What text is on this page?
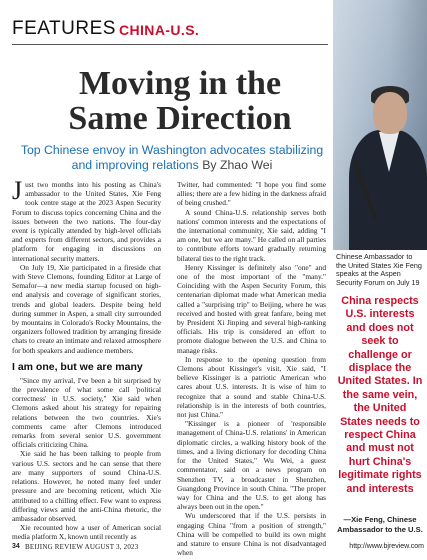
FEATURES CHINA-U.S.
Chinese Ambassador to the United States Xie Feng speaks at the Aspen Security Forum on July 19
China respects U.S. interests and does not seek to challenge or displace the United States. In the same vein, the United States needs to respect China and must not hurt China's legitimate rights and interests
—Xie Feng, Chinese Ambassador to the U.S.
Moving in the
Same Direction
Top Chinese envoy in Washington advocates stabilizing and improving relations By Zhao Wei

Just two months into his posting as China's ambassador to the United States, Xie Feng took centre stage at the 2023 Aspen Security Forum to discuss topics concerning China and the issues between the two nations. The four-day event is typically attended by high-level officials and experts from different sectors, and provides a platform for engaging in discussions on international security matters.

On July 19, Xie participated in a fireside chat with Steve Clemons, founding Editor at Large of Semafor—a new media startup focused on high-end analysis and coverage of significant stories, trends and global leaders. Despite being held during summer in Aspen, a small city surrounded by mountains in Colorado's Rocky Mountains, the organizers followed tradition by arranging fireside chats to create an intimate and relaxed atmosphere for both speakers and audience members.

I am one, but we are many

"Since my arrival, I've been a bit surprised by the prevalence of what some call 'political correctness' in U.S. society," Xie said when Clemons asked about his strategy for repairing relations between the two countries. Xie's comments came after Clemons introduced remarks from several senior U.S. government officials criticizing China.

Xie said he has been talking to people from various U.S. sectors and he can sense that there are many supporters of sound China-U.S. relations. However, he noted many feel under pressure and are becoming reticent, which Xie attributed to a chilling effect. Few want to express differing views amid the anti-China rhetoric, the ambassador observed.

Xie recounted how a user of American social media platform X, known until recently as

Twitter, had commented: "I hope you find some allies; there are a few hiding in the darkness afraid of being crushed."

A sound China-U.S. relationship serves both nations' common interests and the expectations of the international community, Xie said, adding "I am one, but we are many." He called on all parties to contribute efforts toward gradually returning bilateral ties to the right track.

Henry Kissinger is definitely also "one" and one of the most important of the "many." Coinciding with the Aspen Security Forum, this centenarian diplomat made what American media called a "surprising trip" to Beijing, where he was received and hosted with great fanfare, being met by President Xi Jinping and several high-ranking officials. His trip is considered an effort to promote dialogue between the U.S. and China to manage risks.

In response to the opening question from Clemons about Kissinger's visit, Xie said, "I believe Kissinger is a patriotic American who cares about U.S. interests. It is wise of him to recognize that a sound and stable China-U.S. relationship is in the interests of both countries, not just China."

"Kissinger is a pioneer of 'responsible management of China-U.S. relations' in American diplomatic circles, a walking history book of the times, and a living dictionary for decoding China for the United States," Wu Wei, a guest commentator, said on a news program on Shenzhen TV, a broadcaster in Shenzhen, Guangdong Province in south China. "The proper way for China and the U.S. to get along has always been out in the open."

Wu underscored that if the U.S. persists in engaging China "from a position of strength," China will be compelled to build its own might and stature to ensure China is not disadvantaged when

34 BEIJING REVIEW AUGUST 3, 2023	http://www.bjreview.com
